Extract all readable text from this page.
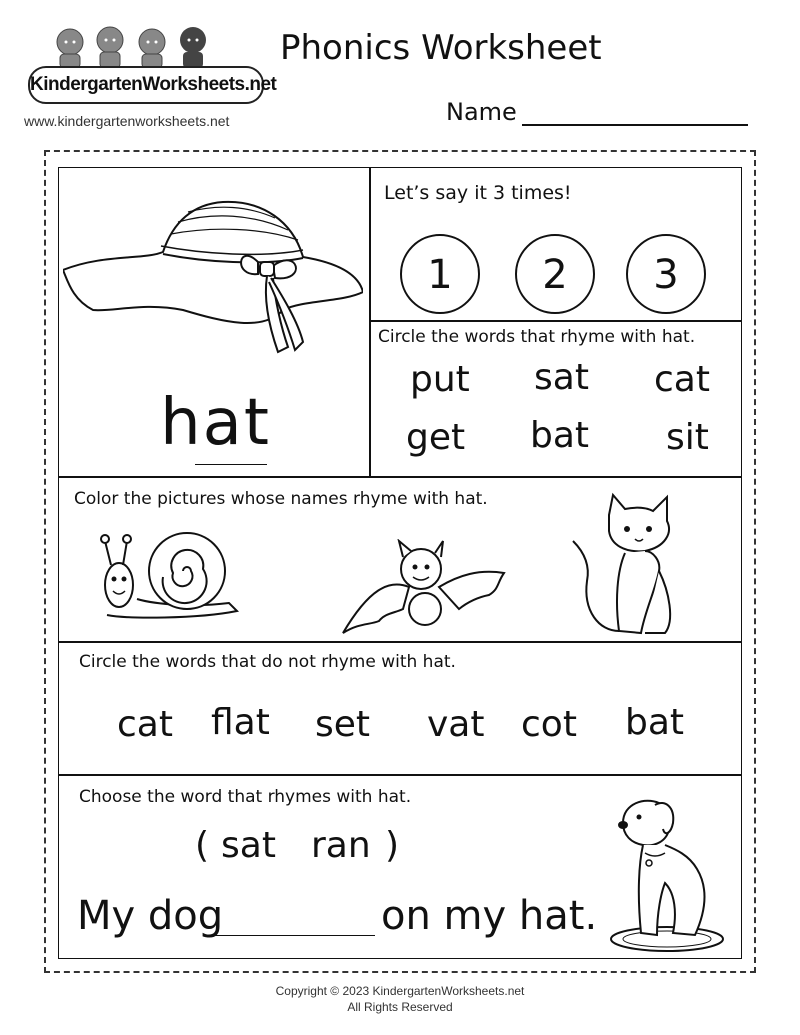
KindergartenWorksheets.net
www.kindergartenworksheets.net
Phonics Worksheet
Name
hat
Let’s say it 3 times!
1	2	3
Circle the words that rhyme with hat.
put sat cat
get bat sit
Color the pictures whose names rhyme with hat.
Circle the words that do not rhyme with hat.
cat flat set vat cot bat
Choose the word that rhymes with hat.
( sat ran )
My dog	on my hat.
Copyright © 2023 KindergartenWorksheets.net
All Rights Reserved
